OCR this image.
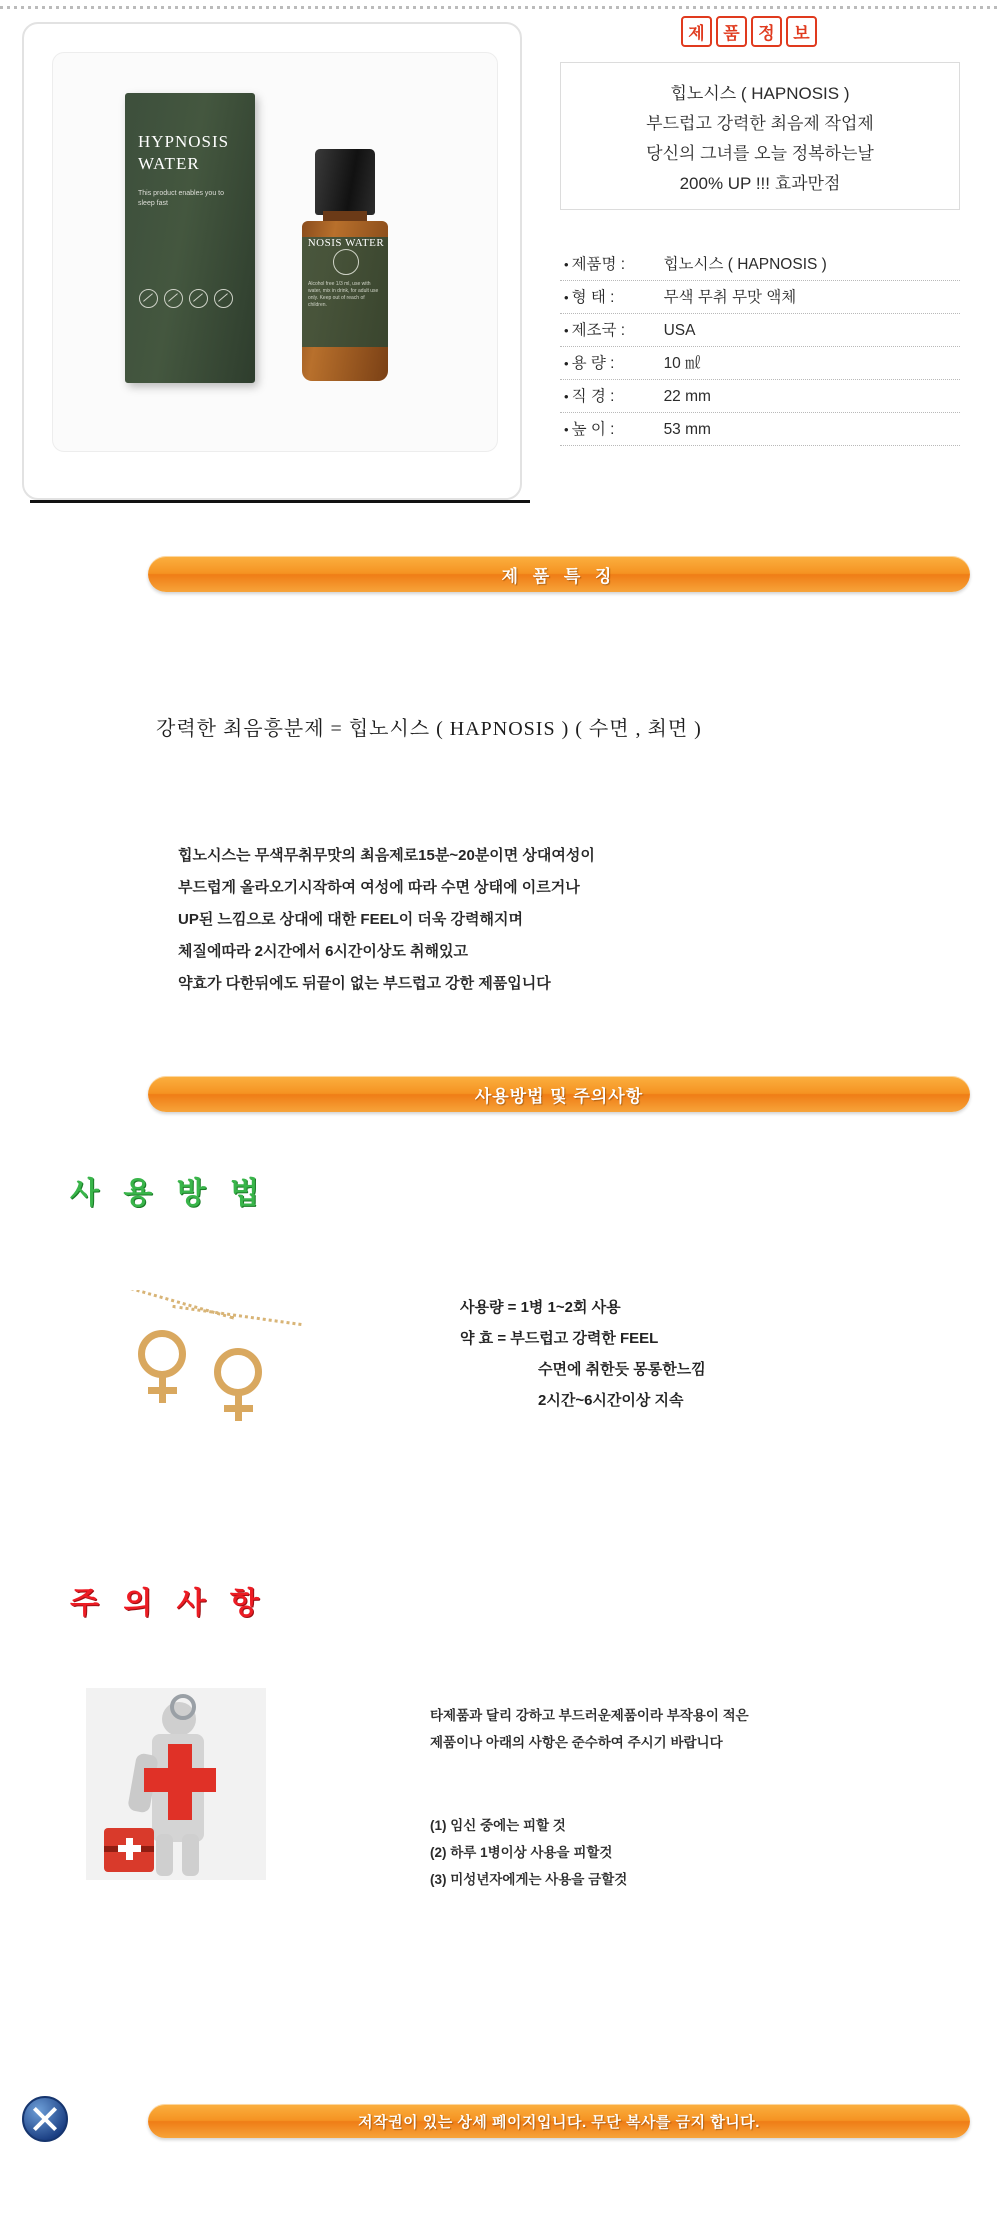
HYPNOSIS
WATER
This product enables you to sleep fast
NOSIS WATER
Alcohol free 1/3 ml, use with water, mix in drink, for adult use only. Keep out of reach of children.
제	품	정	보
힙노시스 ( HAPNOSIS )
부드럽고 강력한 최음제 작업제
당신의 그녀를 오늘 정복하는날
200% UP !!! 효과만점
• 제품명 :	힙노시스 ( HAPNOSIS )
• 형 태 :	무색 무취 무맛 액체
• 제조국 :	USA
• 용 량 :	10 ㎖
• 직 경 :	22 mm
• 높 이 :	53 mm
제 품 특 징
강력한 최음흥분제 = 힙노시스 ( HAPNOSIS ) ( 수면 , 최면 )
힙노시스는 무색무취무맛의 최음제로15분~20분이면 상대여성이
부드럽게 올라오기시작하여 여성에 따라 수면 상태에 이르거나
UP된 느낌으로 상대에 대한 FEEL이 더욱 강력해지며
체질에따라 2시간에서 6시간이상도 취해있고
약효가 다한뒤에도 뒤끝이 없는 부드럽고 강한 제품입니다
사용방법 및 주의사항
사 용 방 법
사용량 = 1병 1~2회 사용
약 효 = 부드럽고 강력한 FEEL
수면에 취한듯 몽롱한느낌
2시간~6시간이상 지속
주 의 사 항
타제품과 달리 강하고 부드러운제품이라 부작용이 적은
제품이나 아래의 사항은 준수하여 주시기 바랍니다
(1) 임신 중에는 피할 것
(2) 하루 1병이상 사용을 피할것
(3) 미성년자에게는 사용을 금할것
저작권이 있는 상세 페이지입니다. 무단 복사를 금지 합니다.
